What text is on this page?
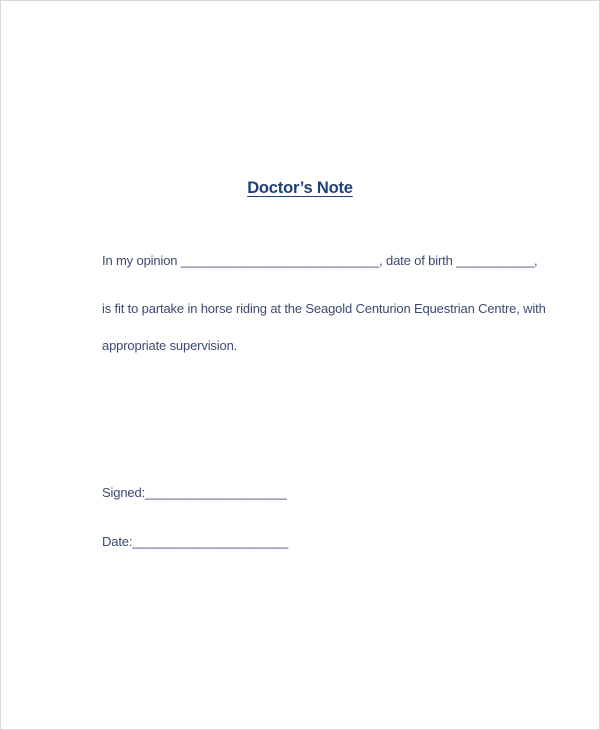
Doctor’s Note
In my opinion ____________________________, date of birth ___________,
is fit to partake in horse riding at the Seagold Centurion Equestrian Centre, with
appropriate supervision.
Signed:____________________
Date:______________________
